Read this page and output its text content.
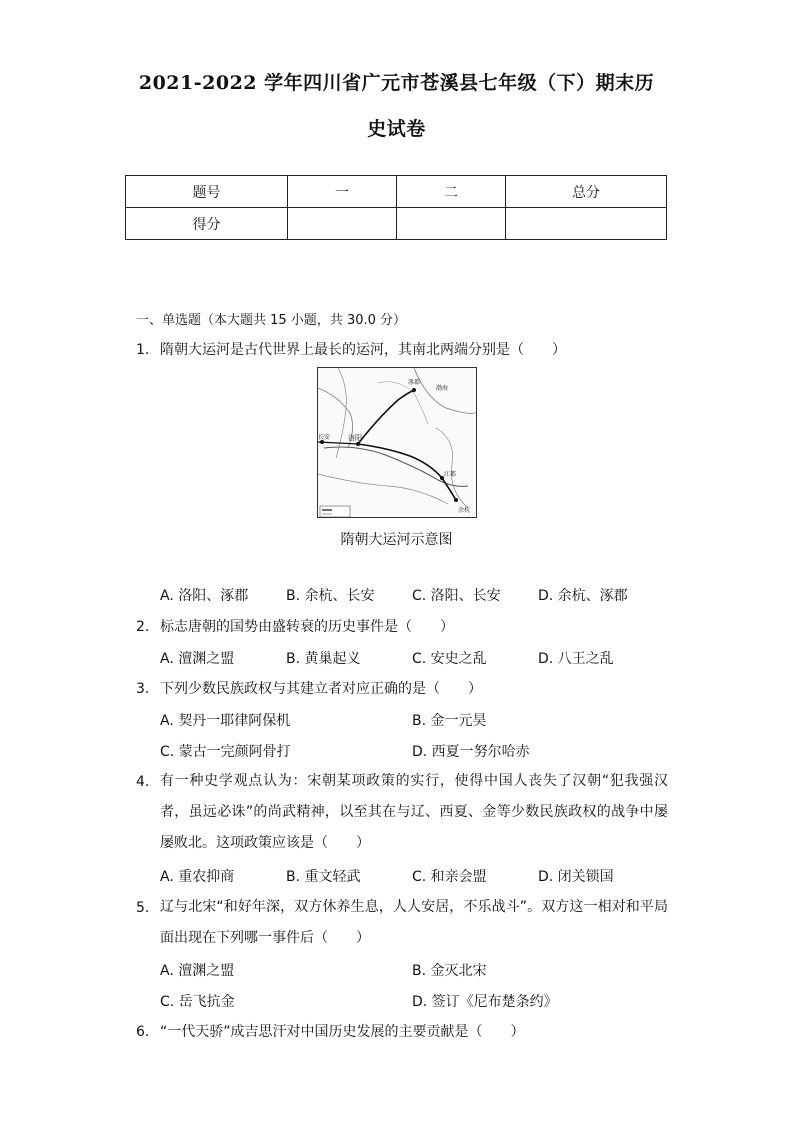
2021-2022 学年四川省广元市苍溪县七年级（下）期末历
史试卷
题号	一	二	总分
得分			
一、单选题（本大题共 15 小题，共 30.0 分）
1. 隋朝大运河是古代世界上最长的运河，其南北两端分别是（　　）
洛阳
长安
涿郡
余杭
江都
渤海
隋朝大运河示意图
A. 洛阳、涿郡	B. 余杭、长安	C. 洛阳、长安	D. 余杭、涿郡
2. 标志唐朝的国势由盛转衰的历史事件是（　　）
A. 澶渊之盟	B. 黄巢起义	C. 安史之乱	D. 八王之乱
3. 下列少数民族政权与其建立者对应正确的是（　　）
A. 契丹一耶律阿保机	B. 金一元昊
C. 蒙古一完颜阿骨打	D. 西夏一努尔哈赤
4. 有一种史学观点认为：宋朝某项政策的实行，使得中国人丧失了汉朝“犯我强汉者，虽远必诛”的尚武精神，以至其在与辽、西夏、金等少数民族政权的战争中屡屡败北。这项政策应该是（　　）
A. 重农抑商	B. 重文轻武	C. 和亲会盟	D. 闭关锁国
5. 辽与北宋“和好年深，双方休养生息，人人安居，不乐战斗”。双方这一相对和平局面出现在下列哪一事件后（　　）
A. 澶渊之盟	B. 金灭北宋
C. 岳飞抗金	D. 签订《尼布楚条约》
6. “一代天骄”成吉思汗对中国历史发展的主要贡献是（　　）
